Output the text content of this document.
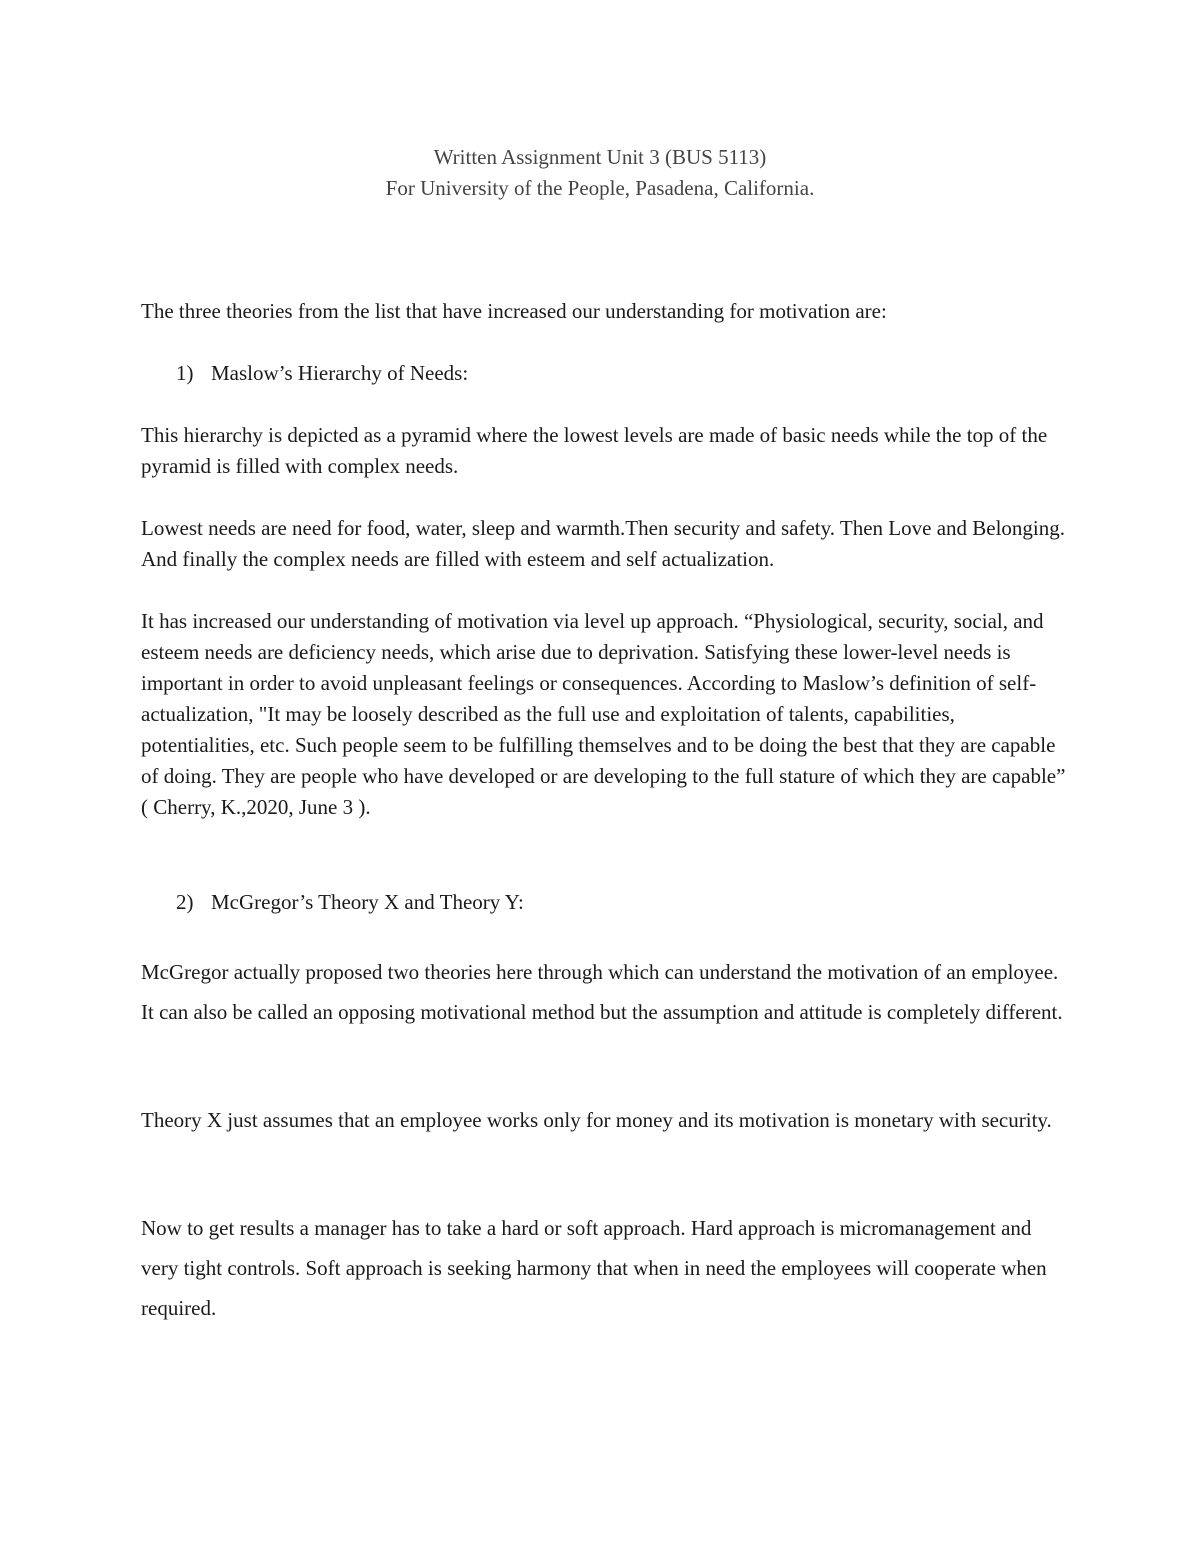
Written Assignment Unit 3 (BUS 5113)
For University of the People, Pasadena, California.

The three theories from the list that have increased our understanding for motivation are:

1) Maslow’s Hierarchy of Needs:

This hierarchy is depicted as a pyramid where the lowest levels are made of basic needs while the top of the pyramid is filled with complex needs.

Lowest needs are need for food, water, sleep and warmth.Then security and safety. Then Love and Belonging. And finally the complex needs are filled with esteem and self actualization.

It has increased our understanding of motivation via level up approach. “Physiological, security, social, and esteem needs are deficiency needs, which arise due to deprivation. Satisfying these lower-level needs is important in order to avoid unpleasant feelings or consequences. According to Maslow’s definition of self-actualization, "It may be loosely described as the full use and exploitation of talents, capabilities, potentialities, etc. Such people seem to be fulfilling themselves and to be doing the best that they are capable of doing. They are people who have developed or are developing to the full stature of which they are capable” ( Cherry, K.,2020, June 3 ).

2) McGregor’s Theory X and Theory Y:

McGregor actually proposed two theories here through which can understand the motivation of an employee. It can also be called an opposing motivational method but the assumption and attitude is completely different.

Theory X just assumes that an employee works only for money and its motivation is monetary with security.

Now to get results a manager has to take a hard or soft approach. Hard approach is micromanagement and very tight controls. Soft approach is seeking harmony that when in need the employees will cooperate when required.
